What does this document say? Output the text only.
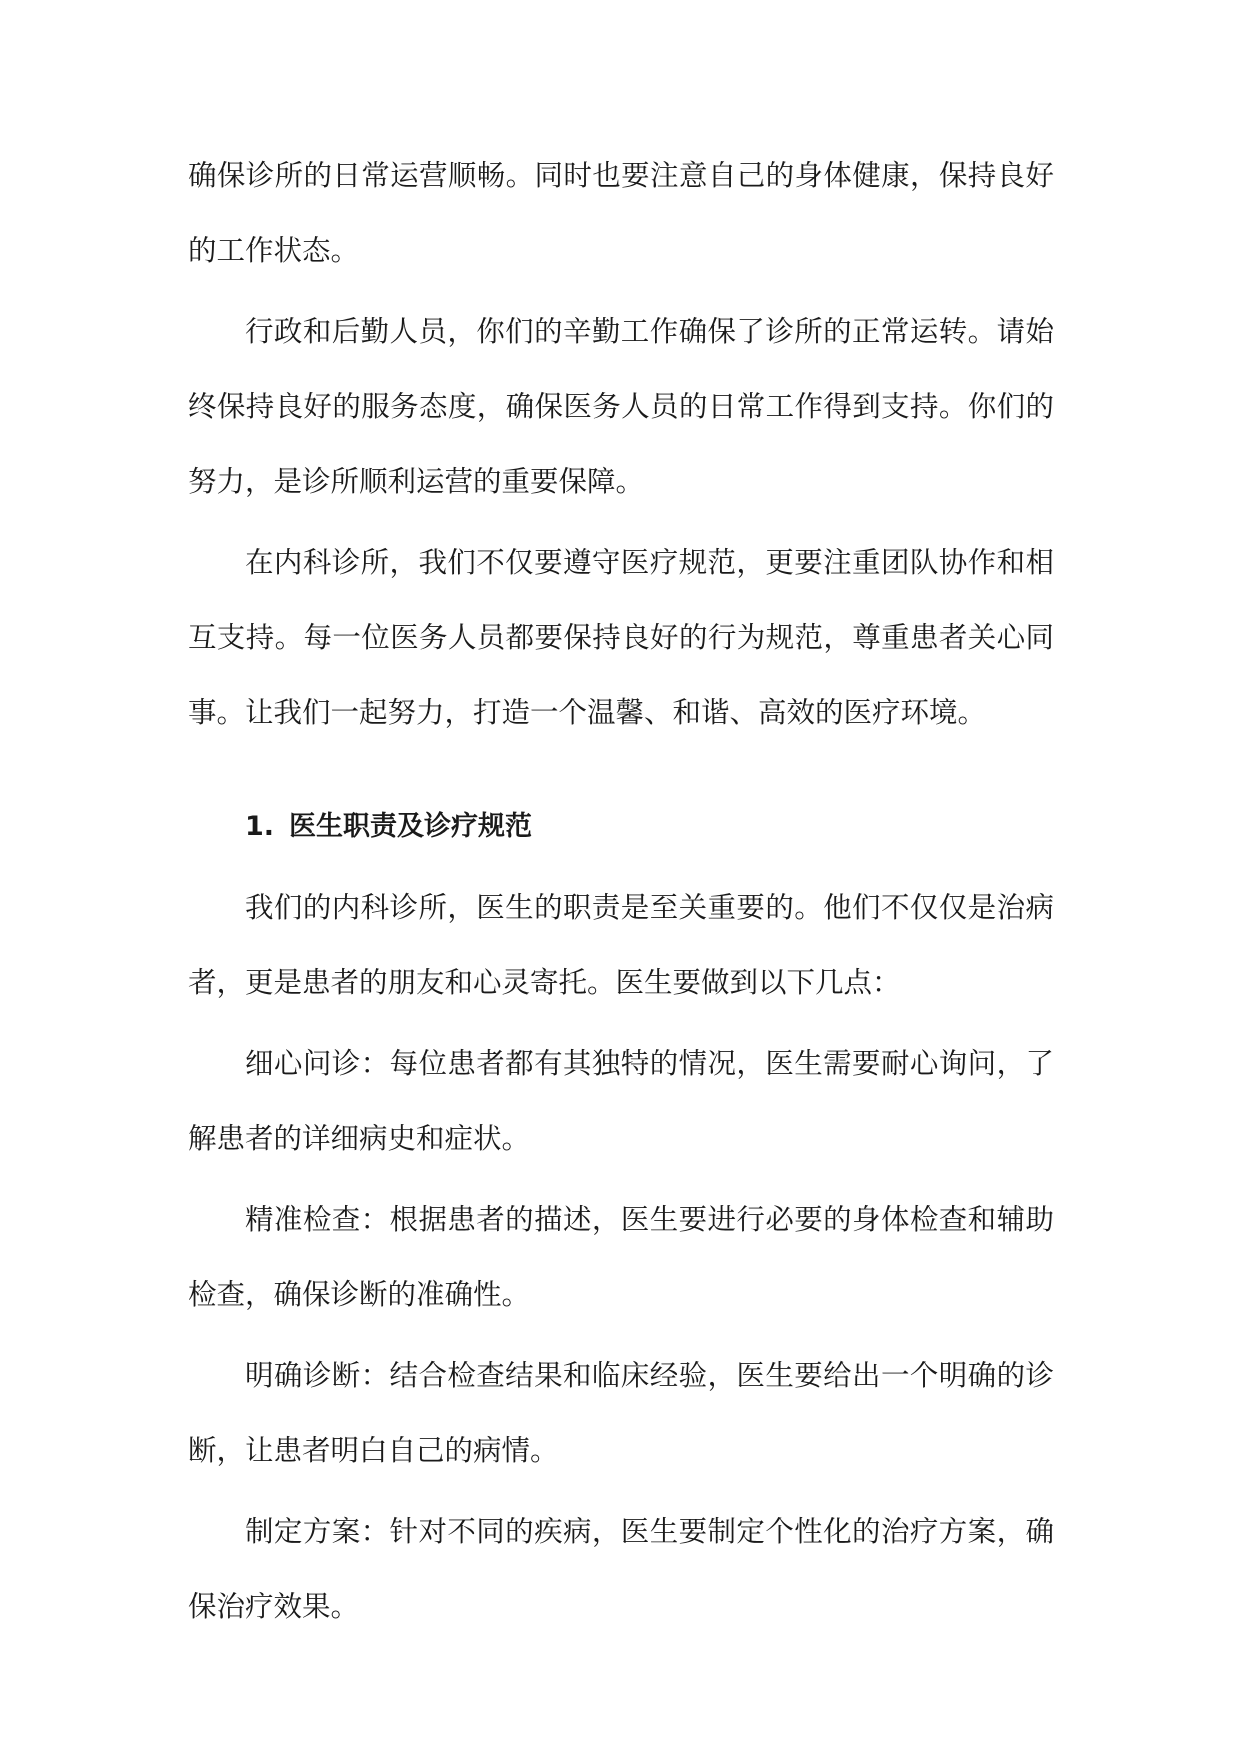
确保诊所的日常运营顺畅。同时也要注意自己的身体健康，保持良好的工作状态。

行政和后勤人员，你们的辛勤工作确保了诊所的正常运转。请始终保持良好的服务态度，确保医务人员的日常工作得到支持。你们的努力，是诊所顺利运营的重要保障。

在内科诊所，我们不仅要遵守医疗规范，更要注重团队协作和相互支持。每一位医务人员都要保持良好的行为规范，尊重患者关心同事。让我们一起努力，打造一个温馨、和谐、高效的医疗环境。

1. 医生职责及诊疗规范

我们的内科诊所，医生的职责是至关重要的。他们不仅仅是治病者，更是患者的朋友和心灵寄托。医生要做到以下几点：

细心问诊：每位患者都有其独特的情况，医生需要耐心询问，了解患者的详细病史和症状。

精准检查：根据患者的描述，医生要进行必要的身体检查和辅助检查，确保诊断的准确性。

明确诊断：结合检查结果和临床经验，医生要给出一个明确的诊断，让患者明白自己的病情。

制定方案：针对不同的疾病，医生要制定个性化的治疗方案，确保治疗效果。
